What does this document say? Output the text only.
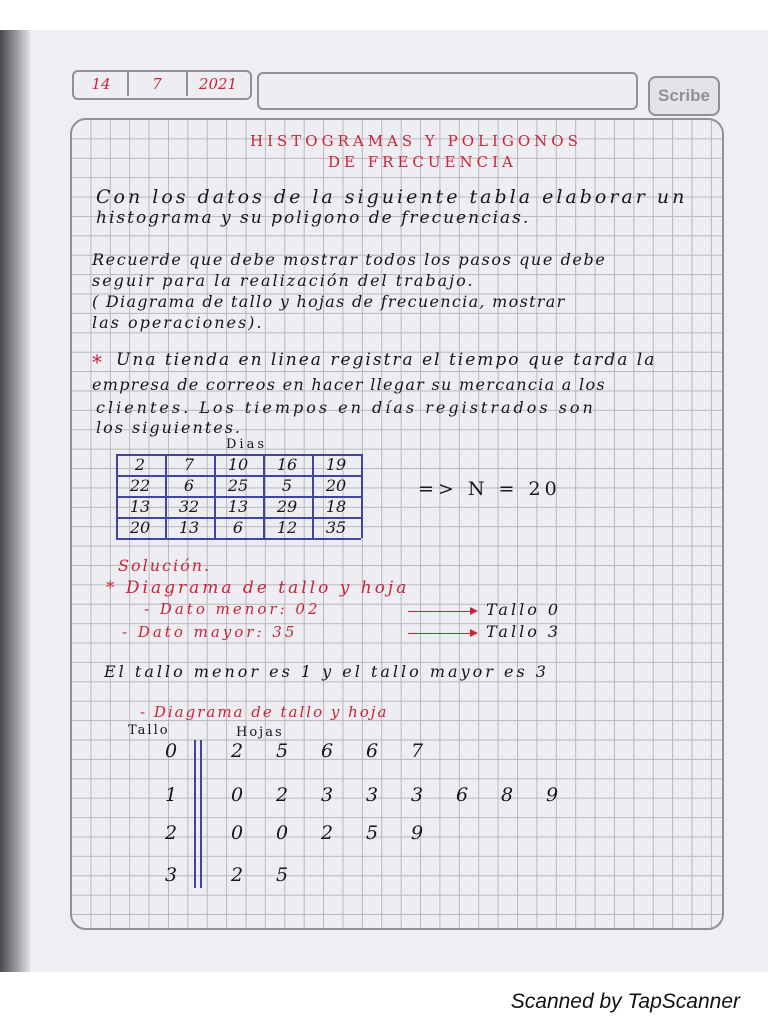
14	7	2021
Scribe
HISTOGRAMAS Y POLIGONOS
DE FRECUENCIA
Con los datos de la siguiente tabla elaborar un
histograma y su poligono de frecuencias.
Recuerde que debe mostrar todos los pasos que debe
seguir para la realización del trabajo.
( Diagrama de tallo y hojas de frecuencia, mostrar
las operaciones).
* Una tienda en linea registra el tiempo que tarda la
empresa de correos en hacer llegar su mercancia a los
clientes. Los tiempos en días registrados son
los siguientes.
Dias
2	7	10	16	19
22	6	25	5	20
13	32	13	29	18
20	13	6	12	35
=> N = 20
Solución.
* Diagrama de tallo y hoja
- Dato menor: 02	Tallo 0
- Dato mayor: 35	Tallo 3
El tallo menor es 1 y el tallo mayor es 3
- Diagrama de tallo y hoja
Tallo	Hojas
0	2	5	6	6	7
1	0	2	3	3	3	6	8	9
2	0	0	2	5	9
3	2	5
Scanned by TapScanner
